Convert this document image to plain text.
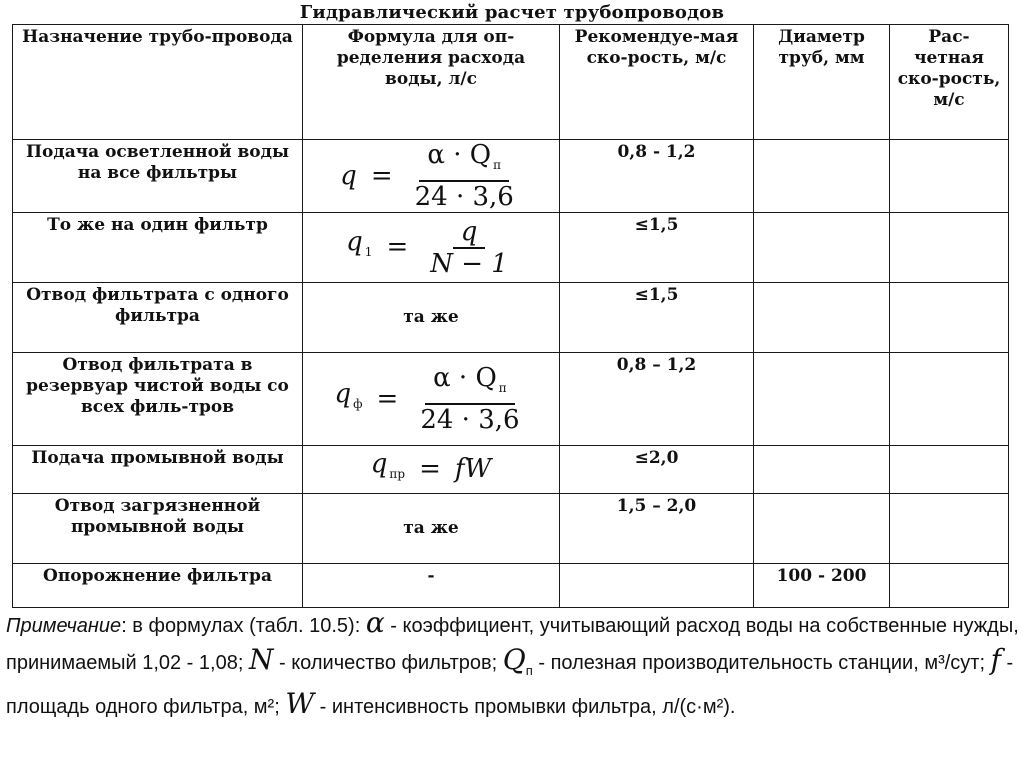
Гидравлический расчет трубопроводов
Назначение трубо-провода	Формула для оп-ределения расхода воды, л/с	Рекомендуе-мая ско-рость, м/с	Диаметр труб, мм	Рас-четная ско-рость, м/с
Подача осветленной воды на все фильтры	$q = \frac{\alpha \cdot Q _п}{24 \cdot 3,6}$	0,8 - 1,2		
То же на один фильтр	q $_1 = \frac{q}{N - 1}$	≤1,5		
Отвод фильтрата с одного фильтра	та же	≤1,5		
Отвод фильтрата в резервуар чистой воды со всех филь-тров	q $_ф = \frac{\alpha \cdot Q _п}{24 \cdot 3,6}$	0,8 – 1,2		
Подача промывной воды	q $_{пр}$ = fW	≤2,0		
Отвод загрязненной промывной воды	та же	1,5 – 2,0		
Опорожнение фильтра	-		100 - 200	
Примечание: в формулах (табл. 10.5): α - коэффициент, учитывающий расход воды на собственные нужды, принимаемый 1,02 - 1,08; N - количество фильтров; $Q_п$ - полезная производительность станции, м³/сут; f - площадь одного фильтра, м²; W - интенсивность промывки фильтра, л/(с·м²).
